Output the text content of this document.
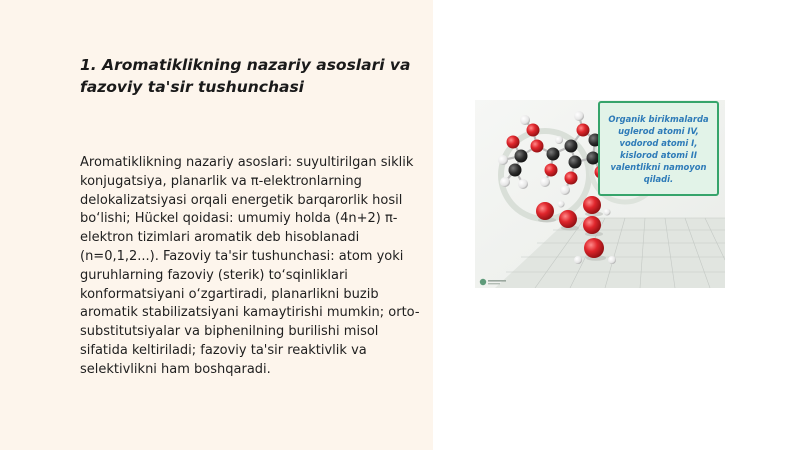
1. Aromatiklikning nazariy asoslari va fazoviy ta'sir tushunchasi

Aromatiklikning nazariy asoslari: suyultirilgan siklik konjugatsiya, planarlik va π-elektronlarning delokalizatsiyasi orqali energetik barqarorlik hosil bo‘lishi; Hückel qoidasi: umumiy holda (4n+2) π-elektron tizimlari aromatik deb hisoblanadi (n=0,1,2...). Fazoviy ta'sir tushunchasi: atom yoki guruhlarning fazoviy (sterik) to‘sqinliklari konformatsiyani o‘zgartiradi, planarlikni buzib aromatik stabilizatsiyani kamaytirishi mumkin; orto-substitutsiyalar va biphenilning burilishi misol sifatida keltiriladi; fazoviy ta'sir reaktivlik va selektivlikni ham boshqaradi.

Organik birikmalarda uglerod atomi IV, vodorod atomi I, kislorod atomi II valentlikni namoyon qiladi.
